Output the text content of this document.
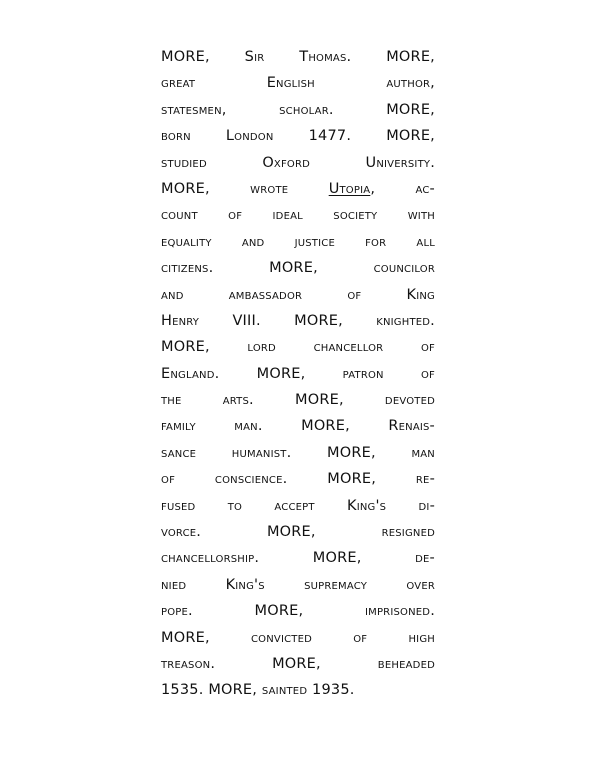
MORE, Sir Thomas. MORE,
great English author,
statesmen, scholar. MORE,
born London 1477. MORE,
studied Oxford University.
MORE, wrote Utopia, ac-
count of ideal society with
equality and justice for all
citizens. MORE, councilor
and ambassador of King
Henry VIII. MORE, knighted.
MORE, lord chancellor of
England. MORE, patron of
the arts. MORE, devoted
family man. MORE, Renais-
sance humanist. MORE, man
of conscience. MORE, re-
fused to accept King's di-
vorce. MORE, resigned
chancellorship. MORE, de-
nied King's supremacy over
pope. MORE, imprisoned.
MORE, convicted of high
treason. MORE, beheaded
1535. MORE, sainted 1935.
